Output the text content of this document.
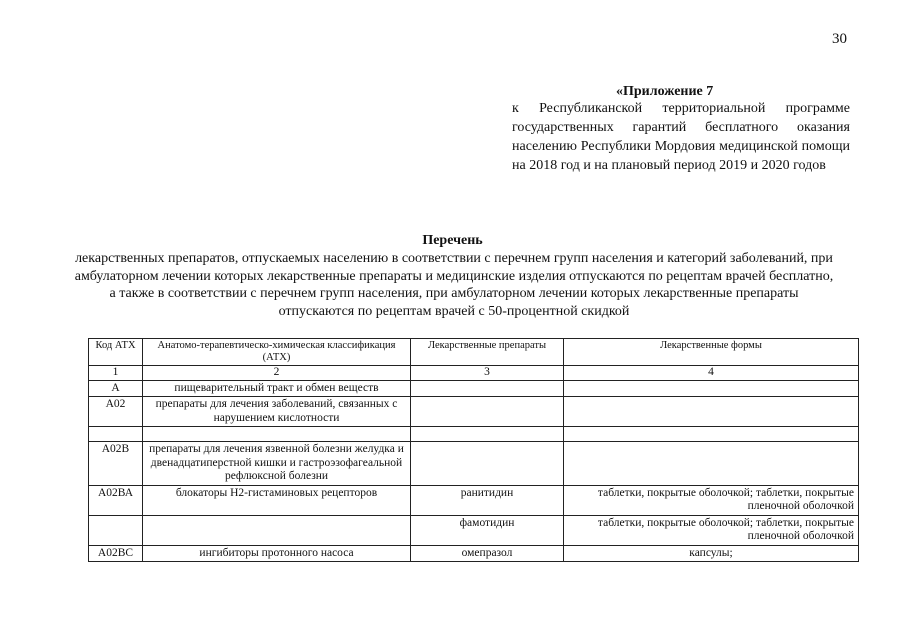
30
«Приложение 7
к Республиканской территориальной программе государственных гарантий бесплатного оказания населению Республики Мордовия медицинской помощи на 2018 год и на плановый период 2019 и 2020 годов
Перечень
лекарственных препаратов, отпускаемых населению в соответствии с перечнем групп населения и категорий заболеваний, при амбулаторном лечении которых лекарственные препараты и медицинские изделия отпускаются по рецептам врачей бесплатно, а также в соответствии с перечнем групп населения, при амбулаторном лечении которых лекарственные препараты отпускаются по рецептам врачей с 50-процентной скидкой
Код АТХ	Анатомо-терапевтическо-химическая классификация (АТХ)	Лекарственные препараты	Лекарственные формы
1	2	3	4
А	пищеварительный тракт и обмен веществ		
А02	препараты для лечения заболеваний, связанных с нарушением кислотности		

А02В	препараты для лечения язвенной болезни желудка и двенадцатиперстной кишки и гастроэзофагеальной рефлюксной болезни		
А02ВА	блокаторы Н2-гистаминовых рецепторов	ранитидин	таблетки, покрытые оболочкой; таблетки, покрытые пленочной оболочкой
		фамотидин	таблетки, покрытые оболочкой; таблетки, покрытые пленочной оболочкой
А02ВС	ингибиторы протонного насоса	омепразол	капсулы;
